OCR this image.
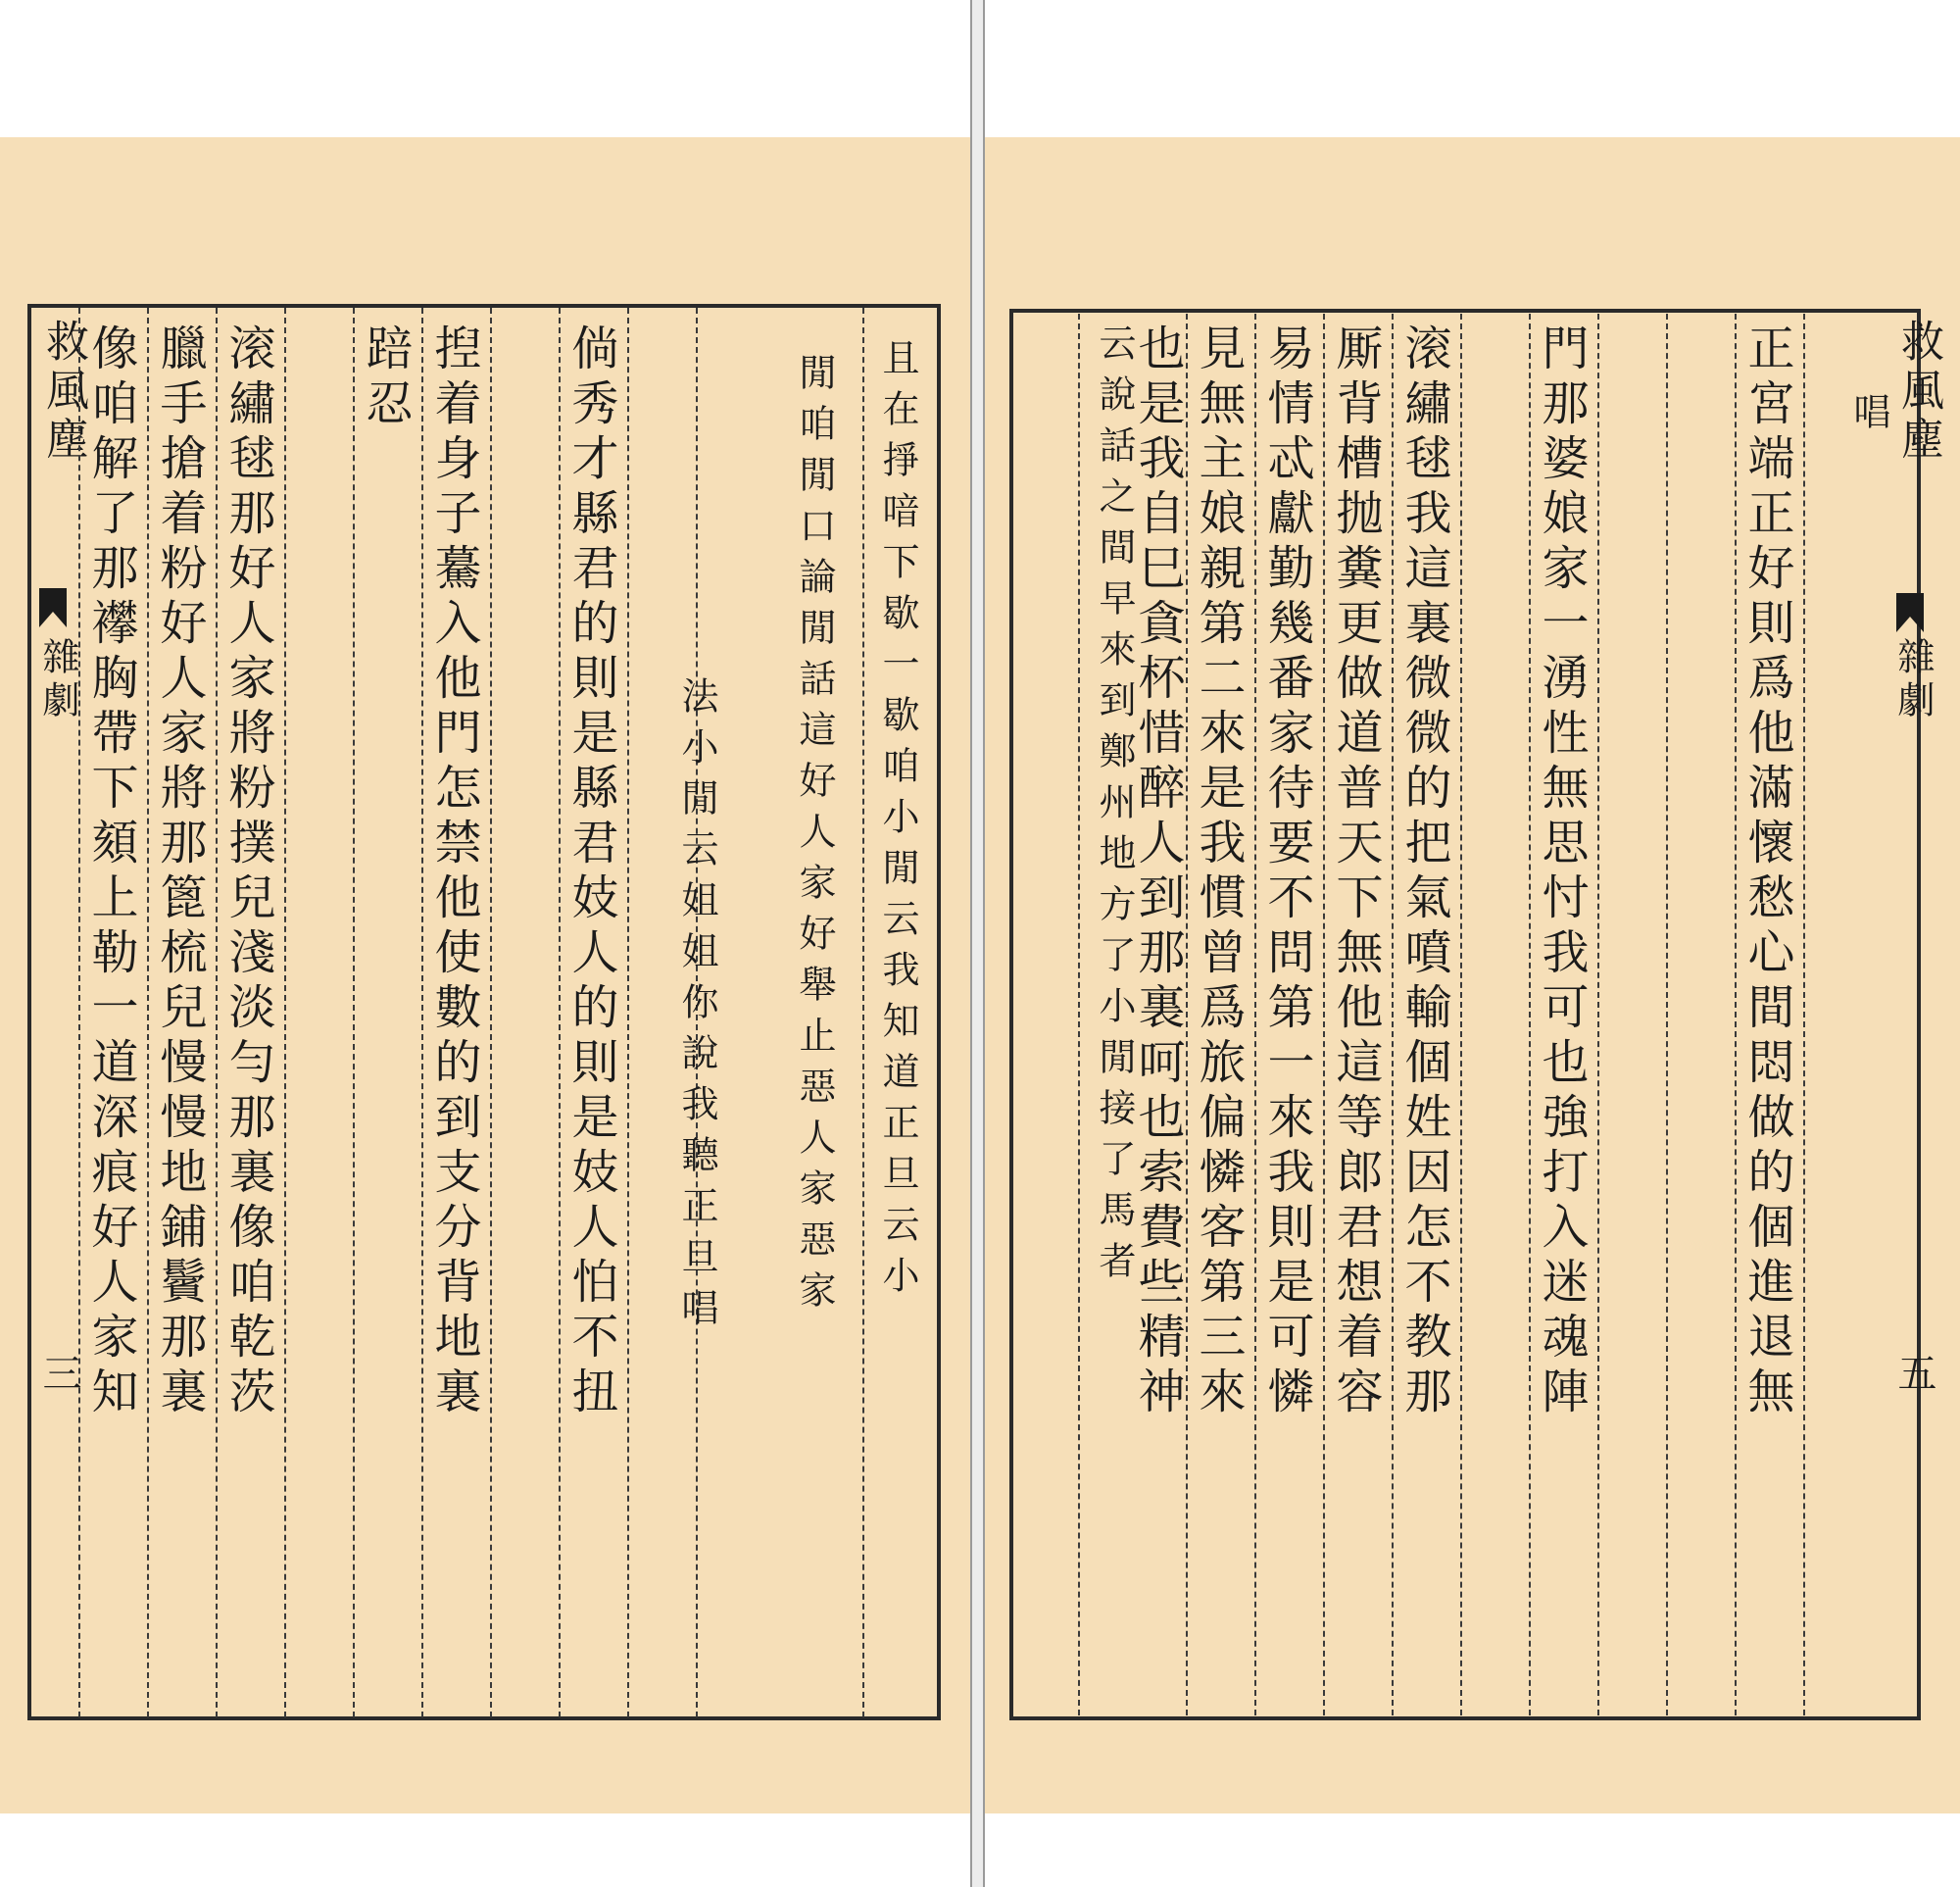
救風塵
雜劇
三 像咱解了那襻胸帶下頦上勒一道深痕好人家知 臘手搶着粉好人家將那篦梳兒慢慢地鋪鬢那裏 滚繡毬那好人家將粉撲兒淺淡勻那裏像咱乾茨 踣忍 揑着身子驀入他門怎禁他使數的到支分背地裏 倘秀才縣君的則是縣君妓人的則是妓人怕不扭 法小閒云姐姐你說我聽正旦唱 閒咱閒口論閒話這好人家好舉止惡人家惡家 且在掙喑下歇一歇咱小閒云我知道正旦云小	云說話之間早來到鄭州地方了小閒接了馬者
也是我自巳貪杯惜醉人到那裏呵也索費些精神 見無主娘親第二來是我慣曾爲旅偏憐客第三來 易情忒獻勤幾番家待要不問第一來我則是可憐 厮背槽抛糞更做道普天下無他這等郎君想着容 滚繡毬我這裏微微的把氣噴輸個姓因怎不教那 門那婆娘家一湧性無思忖我可也強打入迷魂陣	正宮端正好則爲他滿懷愁心間悶做的個進退無 救風塵
唱
雜劇
五
